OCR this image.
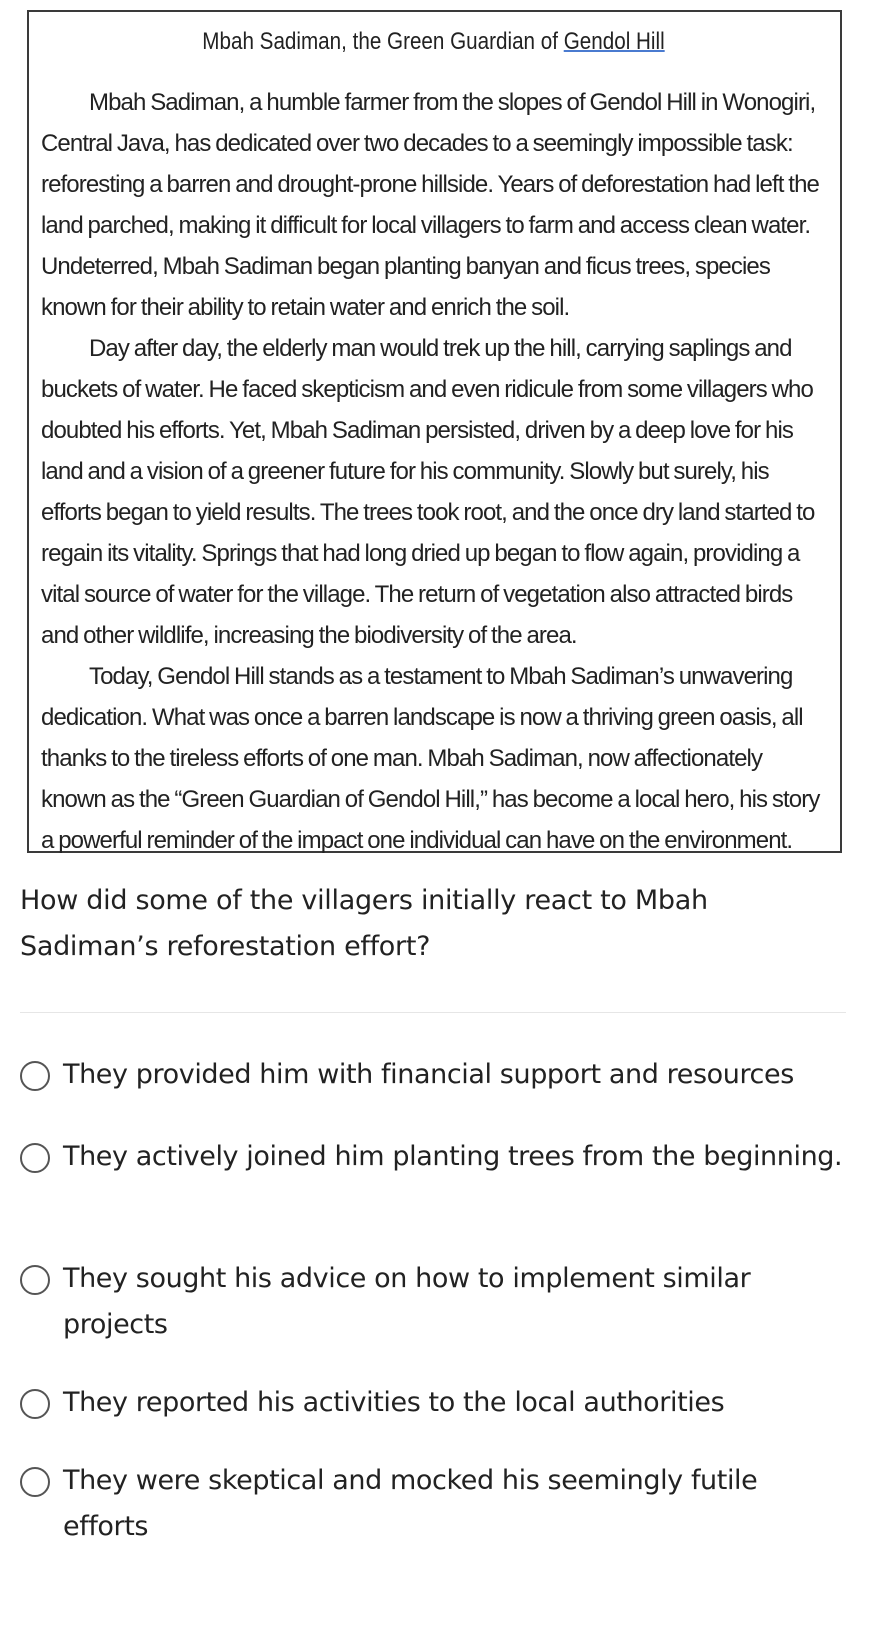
Mbah Sadiman, the Green Guardian of Gendol Hill

Mbah Sadiman, a humble farmer from the slopes of Gendol Hill in Wonogiri, Central Java, has dedicated over two decades to a seemingly impossible task: reforesting a barren and drought-prone hillside. Years of deforestation had left the land parched, making it difficult for local villagers to farm and access clean water. Undeterred, Mbah Sadiman began planting banyan and ficus trees, species known for their ability to retain water and enrich the soil.

Day after day, the elderly man would trek up the hill, carrying saplings and buckets of water. He faced skepticism and even ridicule from some villagers who doubted his efforts. Yet, Mbah Sadiman persisted, driven by a deep love for his land and a vision of a greener future for his community. Slowly but surely, his efforts began to yield results. The trees took root, and the once dry land started to regain its vitality. Springs that had long dried up began to flow again, providing a vital source of water for the village. The return of vegetation also attracted birds and other wildlife, increasing the biodiversity of the area.

Today, Gendol Hill stands as a testament to Mbah Sadiman’s unwavering dedication. What was once a barren landscape is now a thriving green oasis, all thanks to the tireless efforts of one man. Mbah Sadiman, now affectionately known as the “Green Guardian of Gendol Hill,” has become a local hero, his story a powerful reminder of the impact one individual can have on the environment.

How did some of the villagers initially react to Mbah Sadiman’s reforestation effort?
They provided him with financial support and resources
They actively joined him planting trees from the beginning.
They sought his advice on how to implement similar projects
They reported his activities to the local authorities
They were skeptical and mocked his seemingly futile efforts
